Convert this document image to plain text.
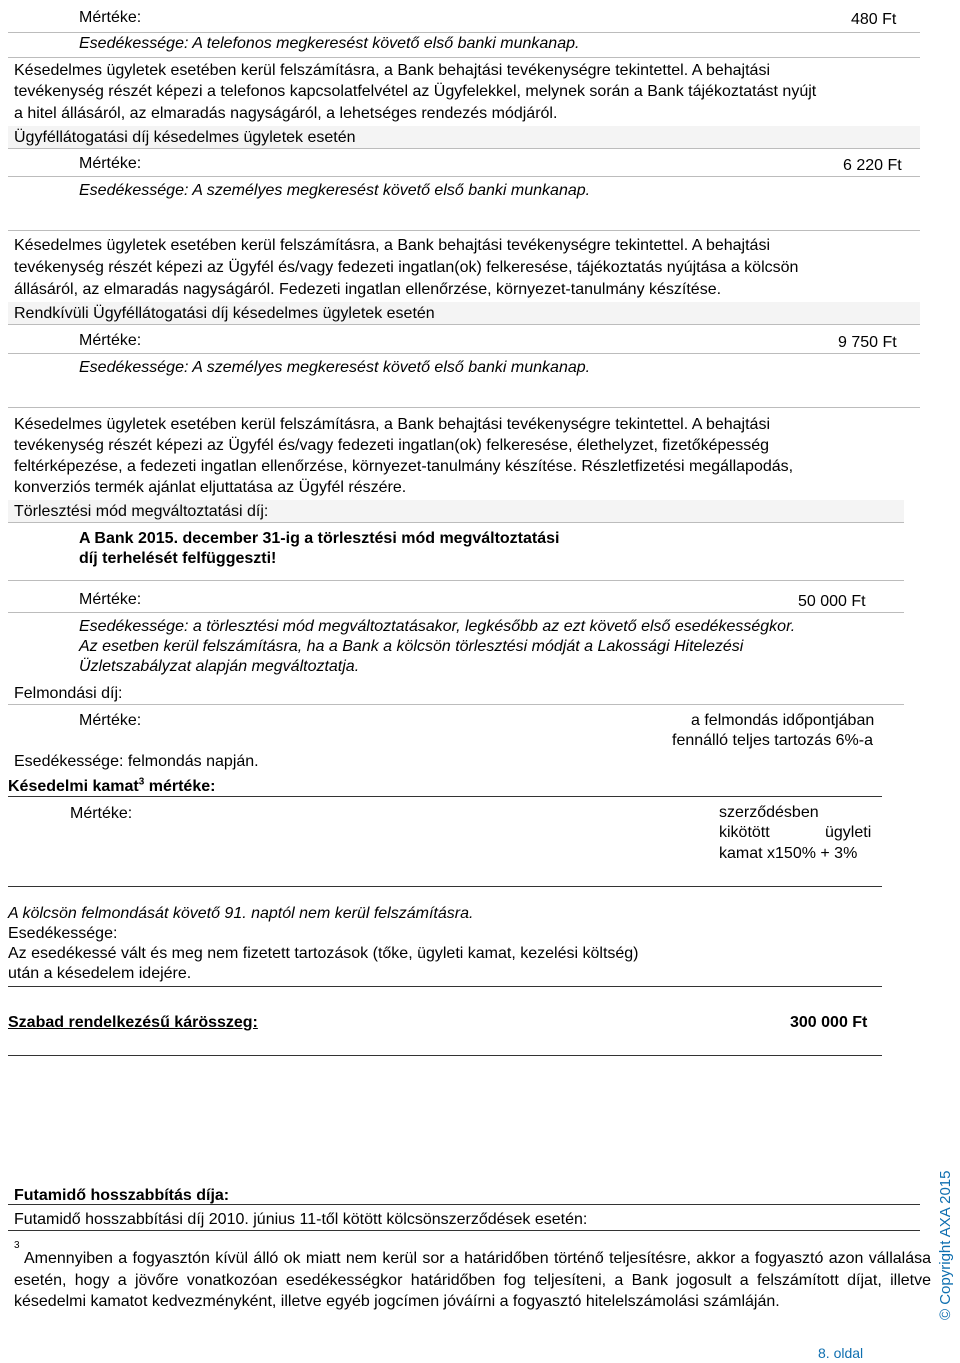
Mértéke:	480 Ft
Esedékessége: A telefonos megkeresést követő első banki munkanap.
Késedelmes ügyletek esetében kerül felszámításra, a Bank behajtási tevékenységre tekintettel. A behajtási
tevékenység részét képezi a telefonos kapcsolatfelvétel az Ügyfelekkel, melynek során a Bank tájékoztatást nyújt
a hitel állásáról, az elmaradás nagyságáról, a lehetséges rendezés módjáról.
Ügyféllátogatási díj késedelmes ügyletek esetén
Mértéke:	6 220 Ft
Esedékessége: A személyes megkeresést követő első banki munkanap.
Késedelmes ügyletek esetében kerül felszámításra, a Bank behajtási tevékenységre tekintettel. A behajtási
tevékenység részét képezi az Ügyfél és/vagy fedezeti ingatlan(ok) felkeresése, tájékoztatás nyújtása a kölcsön
állásáról, az elmaradás nagyságáról. Fedezeti ingatlan ellenőrzése, környezet-tanulmány készítése.
Rendkívüli Ügyféllátogatási díj késedelmes ügyletek esetén
Mértéke:	9 750 Ft
Esedékessége: A személyes megkeresést követő első banki munkanap.
Késedelmes ügyletek esetében kerül felszámításra, a Bank behajtási tevékenységre tekintettel. A behajtási
tevékenység részét képezi az Ügyfél és/vagy fedezeti ingatlan(ok) felkeresése, élethelyzet, fizetőképesség
feltérképezése, a fedezeti ingatlan ellenőrzése, környezet-tanulmány készítése. Részletfizetési megállapodás,
konverziós termék ajánlat eljuttatása az Ügyfél részére.
Törlesztési mód megváltoztatási díj:
A Bank 2015. december 31-ig a törlesztési mód megváltoztatási
díj terhelését felfüggeszti!
Mértéke:	50 000 Ft
Esedékessége: a törlesztési mód megváltoztatásakor, legkésőbb az ezt követő első esedékességkor.
Az esetben kerül felszámításra, ha a Bank a kölcsön törlesztési módját a Lakossági Hitelezési
Üzletszabályzat alapján megváltoztatja.
Felmondási díj:
Mértéke:	a felmondás időpontjában
fennálló teljes tartozás 6%-a
Esedékessége: felmondás napján.
Késedelmi kamat$^3$ mértéke:
Mértéke:	szerződésben
kikötött	ügyleti
kamat x150% + 3%
A kölcsön felmondását követő 91. naptól nem kerül felszámításra.
Esedékessége:
Az esedékessé vált és meg nem fizetett tartozások (tőke, ügyleti kamat, kezelési költség)
után a késedelem idejére.
Szabad rendelkezésű kárösszeg:	300 000 Ft
Futamidő hosszabbítás díja:
Futamidő hosszabbítási díj 2010. június 11-től kötött kölcsönszerződések esetén:
3
Amennyiben a fogyasztón kívül álló ok miatt nem kerül sor a határidőben történő teljesítésre, akkor a fogyasztó azon vállalása esetén, hogy a jövőre vonatkozóan esedékességkor határidőben fog teljesíteni, a Bank jogosult a felszámított díjat, illetve késedelmi kamatot kedvezményként, illetve egyéb jogcímen jóváírni a fogyasztó hitelelszámolási számláján.	© Copyright AXA 2015
8. oldal
